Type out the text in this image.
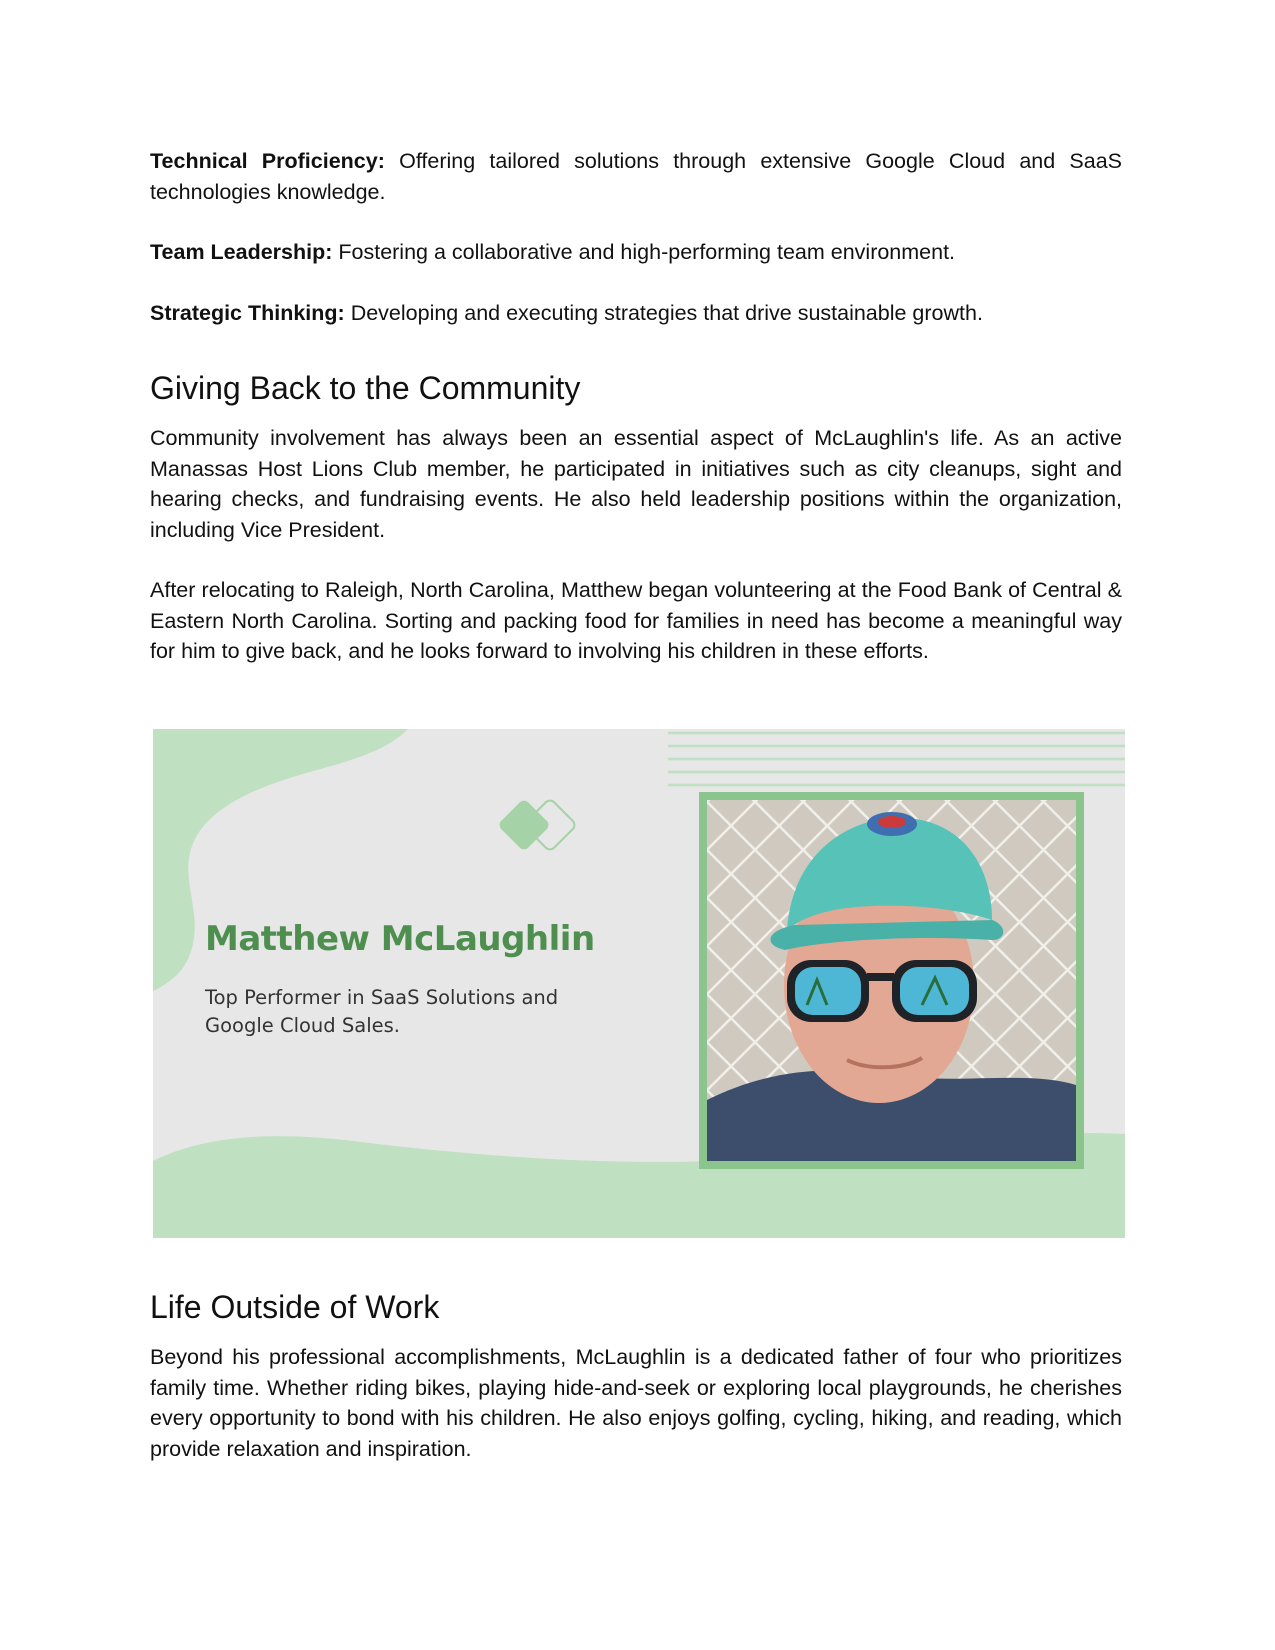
Technical Proficiency: Offering tailored solutions through extensive Google Cloud and SaaS technologies knowledge.

Team Leadership: Fostering a collaborative and high-performing team environment.

Strategic Thinking: Developing and executing strategies that drive sustainable growth.

Giving Back to the Community

Community involvement has always been an essential aspect of McLaughlin's life. As an active Manassas Host Lions Club member, he participated in initiatives such as city cleanups, sight and hearing checks, and fundraising events. He also held leadership positions within the organization, including Vice President.

After relocating to Raleigh, North Carolina, Matthew began volunteering at the Food Bank of Central & Eastern North Carolina. Sorting and packing food for families in need has become a meaningful way for him to give back, and he looks forward to involving his children in these efforts.

Matthew McLaughlin
Top Performer in SaaS Solutions and Google Cloud Sales.
Life Outside of Work

Beyond his professional accomplishments, McLaughlin is a dedicated father of four who prioritizes family time. Whether riding bikes, playing hide-and-seek or exploring local playgrounds, he cherishes every opportunity to bond with his children. He also enjoys golfing, cycling, hiking, and reading, which provide relaxation and inspiration.
